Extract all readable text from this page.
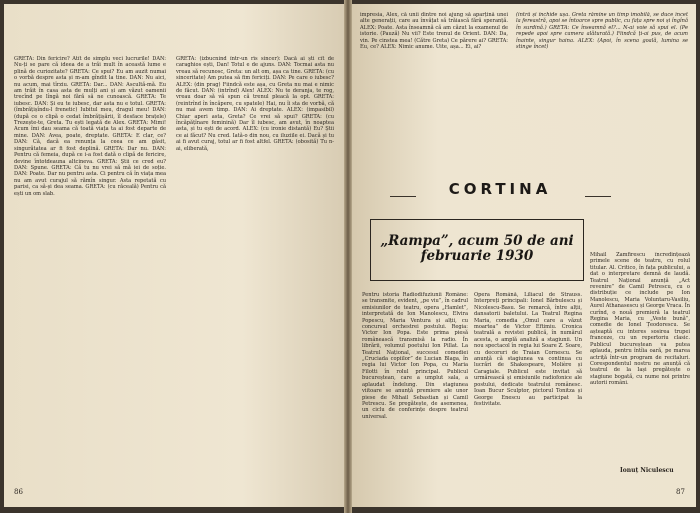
GRETA: Din fericire? Atît de simplu veci lucrurile! DAN: Nu-ți se pare că ideea de a trăi mult în această lume e plină de curiozitate? GRETA: Ce spui? Eu am auzit numai o vorbă despre asta și m-am gîndit la tine. DAN: Nu aici, nu acum, mai tîrziu. GRETA: Dar... DAN: Ascultă-mă. Eu am trăit în casa asta de mulți ani și am văzut oamenii trecînd pe lîngă noi fără să ne cunoască. GRETA: Te iubesc. DAN: Și eu te iubesc, dar asta nu e totul. GRETA: (îmbrățișîndu-l frenetic) Iubitul meu, dragul meu! DAN: (după ce o clipă o cedat îmbrățișării, îl desface brațele) Trezește-te, Greta. Tu ești legată de Alex. GRETA: Mimi! Acum îmi dau seama că toată viața ta ai fost departe de mine. DAN: Avea, poate, dreptate. GRETA: E clar, ce? DAN: Că, dacă ea renunța la ceea ce am găsit, singurătatea ar fi fost deplină. GRETA: Dar nu. DAN: Pentru că femeia, după ce i-a fost dată o clipă de fericire, devine întotdeauna altcineva. GRETA: Știi ce cred eu? DAN: Spune. GRETA: Că tu nu vrei să mă iei de soție. DAN: Poate. Dar nu pentru asta. Ci pentru că în viața mea nu am avut curajul să rămîn singur. Asta repetată cu parisi, ca să-și dea seama. GRETA: (cu răceală) Pentru că ești un om slab.
GRETA: (izbucnind într-un rîs sincer): Dacă ai ști cît de caraghios ești, Dan! Totul e de ajuns. DAN: Tocmai asta nu vreau să recunosc, Greta: un alt om, așa ca tine. GRETA: (cu sinceritate) Am putea să fim fericiți. DAN: Pe care o iubesc? ALEX: (din prag) Fiindcă este așa, cu Greta nu mai e nimic de făcut. DAN: (intrînd) Alex! ALEX: Nu te deranja, te rog, vreau doar să vă spun că trenul pleacă la opt. GRETA: (reintrînd în încăpere, cu spatele) Hai, nu îi sta de vorbă, că nu mai avem timp. DAN: Ai dreptate. ALEX: (impasibil) Chiar aperi asta, Greta? Ce vrei să spui? GRETA: (cu încăpățînare feminină) Dar îl iubesc, am avut, în noaptea asta, și tu ești de acord. ALEX: (cu ironie distantă) Eu? Știi ce ai făcut? Nu cred. Iată-o din nou, cu iluziile ei. Dacă și tu ai fi avut curaj, totul ar fi fost altfel. GRETA: (obosită) Tu n-ai, eliberată,
86
impresia, Alex, că unii dintre noi ajung să aparțină unei alte generații, care au învățat să trăiască fără speranță. ALEX: Poate. Asta înseamnă că am căzut la examenul de istorie. (Pauză) Nu vii? Este trenul de Orient. DAN: Da, vin. Pe cinstea mea! (Către Greta) Ce părere ai? GRETA: Eu, ce? ALEX: Nimic anume. Uite, așa... Ei, ai?
(intră și închide ușa. Greta rămîne un timp imobilă, se duce încet la fereastră, apoi se întoarce spre public, cu fața spre noi și îngînă în surdină.) GRETA: Ce înseamnă el?... N-ai voie să spui el. (Pe repede apoi spre camera alăturată.) Fiindcă ți-ai pus, de acum înainte, singur haina. ALEX: (Apoi, în scena goală, lumina se stinge încet)
CORTINA
„Rampa”, acum 50 de ani februarie 1930
Pentru istoria Radiodifuziunii Române: se transmite, evident, „pe viu”, în cadrul emisiunilor de teatru, opera „Hamlet”, interpretată de Ion Manolescu, Elvira Popescu, Maria Ventura și alții, cu concursul orchestrei postului. Regia: Victor Ion Popa. Este prima piesă românească transmisă la radio. În librării, volumul poetului Ion Pillat. La Teatrul Național, succesul comediei „Cruciada copiilor” de Lucian Blaga, în regia lui Victor Ion Popa, cu Maria Filotti în rolul principal. Publicul bucureștean, care a umplut sala, a aplaudat îndelung. Din stagiunea viitoare se anunță premiere ale unor piese de Mihail Sebastian și Camil Petrescu. Se pregătește, de asemenea, un ciclu de conferințe despre teatrul universal.
Opera Română, Liliacul de Strauss. Interpreți principali: Ionel Bărbulescu și Nicolescu-Basu. Se remarcă, între alții, dansatorii baletului. La Teatrul Regina Maria, comedia „Omul care a văzut moartea” de Victor Eftimiu. Cronica teatrală a revistei publică, în numărul acesta, o amplă analiză a stagiunii. Un nou spectacol în regia lui Soare Z. Soare, cu decoruri de Traian Cornescu. Se anunță că stagiunea va continua cu lucrări de Shakespeare, Molière și Caragiale. Publicul este invitat să urmărească și emisiunile radiofonice ale postului, dedicate teatrului românesc. Ioan Bucur Sculptor, pictorul Tonitza și George Enescu au participat la festivitate.
Mihail Zamfirescu încredințează primele scene de teatru, cu rolul titular. Al. Critico, în fața publicului, a dat o interpretare demnă de laudă. Teatrul Național anunță „Act revenire” de Camil Petrescu, cu o distribuție ce include pe Ion Manolescu, Maria Voluntaru-Vasiliu, Aurel Athanasescu și George Vraca. În curînd, o nouă premieră la teatrul Regina Maria, cu „Veste bună”, comedie de Ionel Țeodorescu. Se așteaptă cu interes sosirea trupei franceze, cu un repertoriu clasic. Publicul bucureștean va putea aplauda, pentru întîia oară, pe marea actriță într-un program de recitaluri. Corespondentul nostru ne anunță că teatrul de la Iași pregătește o stagiune bogată, cu nume noi printre autorii români.
Ionuț Niculescu
87
